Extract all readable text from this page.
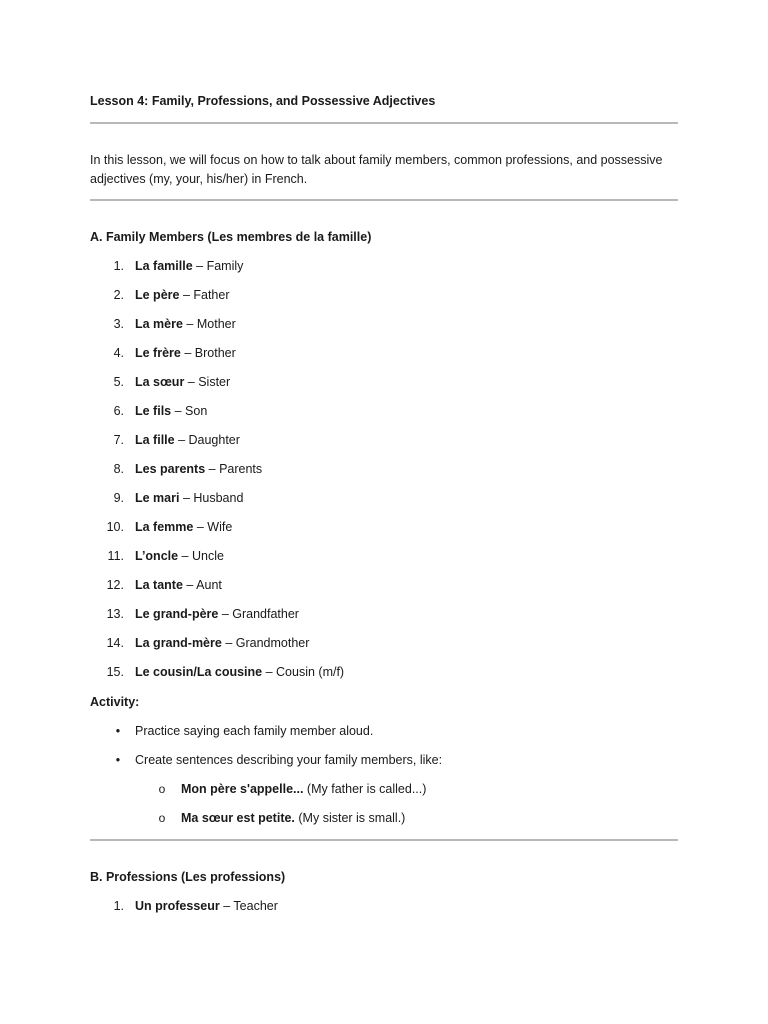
Lesson 4: Family, Professions, and Possessive Adjectives
In this lesson, we will focus on how to talk about family members, common professions, and possessive adjectives (my, your, his/her) in French.
A. Family Members (Les membres de la famille)
1. La famille – Family
2. Le père – Father
3. La mère – Mother
4. Le frère – Brother
5. La sœur – Sister
6. Le fils – Son
7. La fille – Daughter
8. Les parents – Parents
9. Le mari – Husband
10. La femme – Wife
11. L’oncle – Uncle
12. La tante – Aunt
13. Le grand-père – Grandfather
14. La grand-mère – Grandmother
15. Le cousin/La cousine – Cousin (m/f)
Activity:
• Practice saying each family member aloud.
• Create sentences describing your family members, like:
o Mon père s'appelle... (My father is called...)
o Ma sœur est petite. (My sister is small.)
B. Professions (Les professions)
1. Un professeur – Teacher
